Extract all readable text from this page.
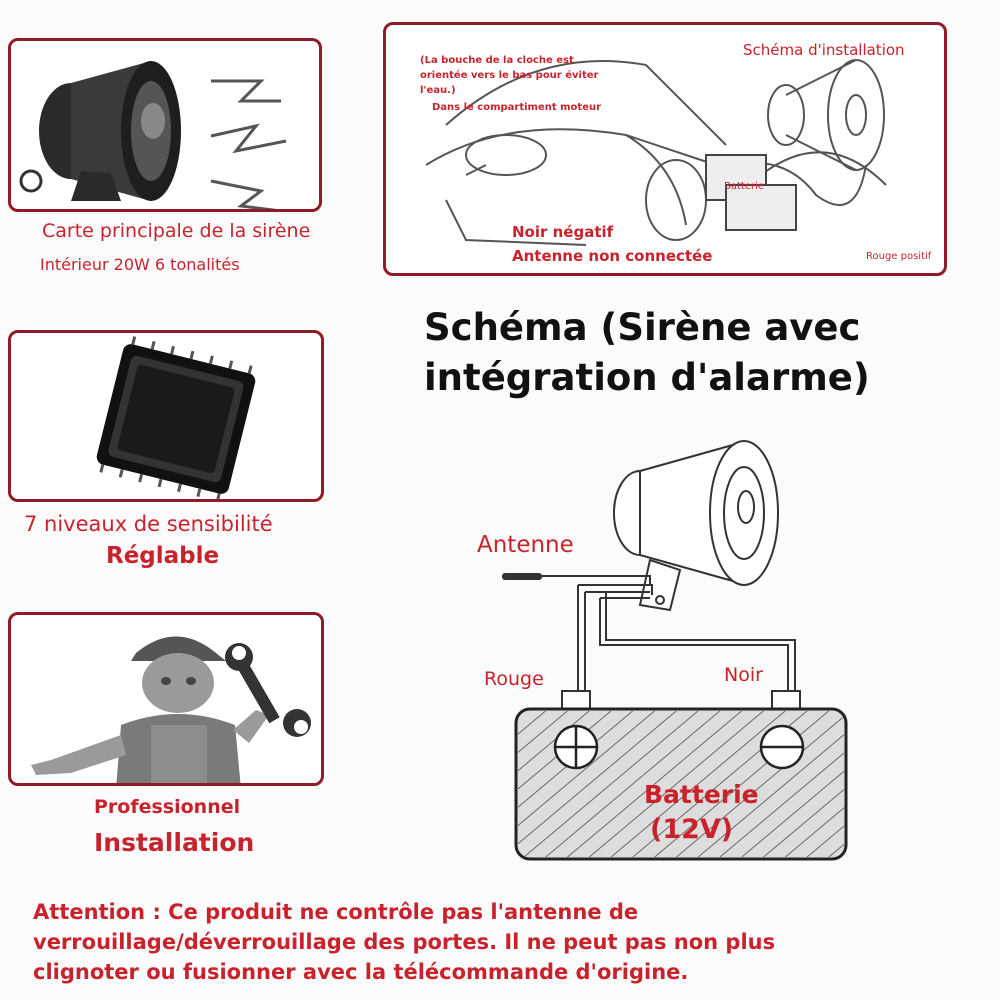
Carte principale de la sirène
Intérieur 20W 6 tonalités
7 niveaux de sensibilité
Réglable
Professionnel
Installation
Schéma d'installation
(La bouche de la cloche est
orientée vers le bas pour éviter
l'eau.)
Dans le compartiment moteur
Batterie
Noir négatif
Antenne non connectée	Rouge positif
Schéma (Sirène avec
intégration d'alarme)
Antenne
Rouge	Noir
Batterie
(12V)
Attention : Ce produit ne contrôle pas l'antenne de
verrouillage/déverrouillage des portes. Il ne peut pas non plus
clignoter ou fusionner avec la télécommande d'origine.
